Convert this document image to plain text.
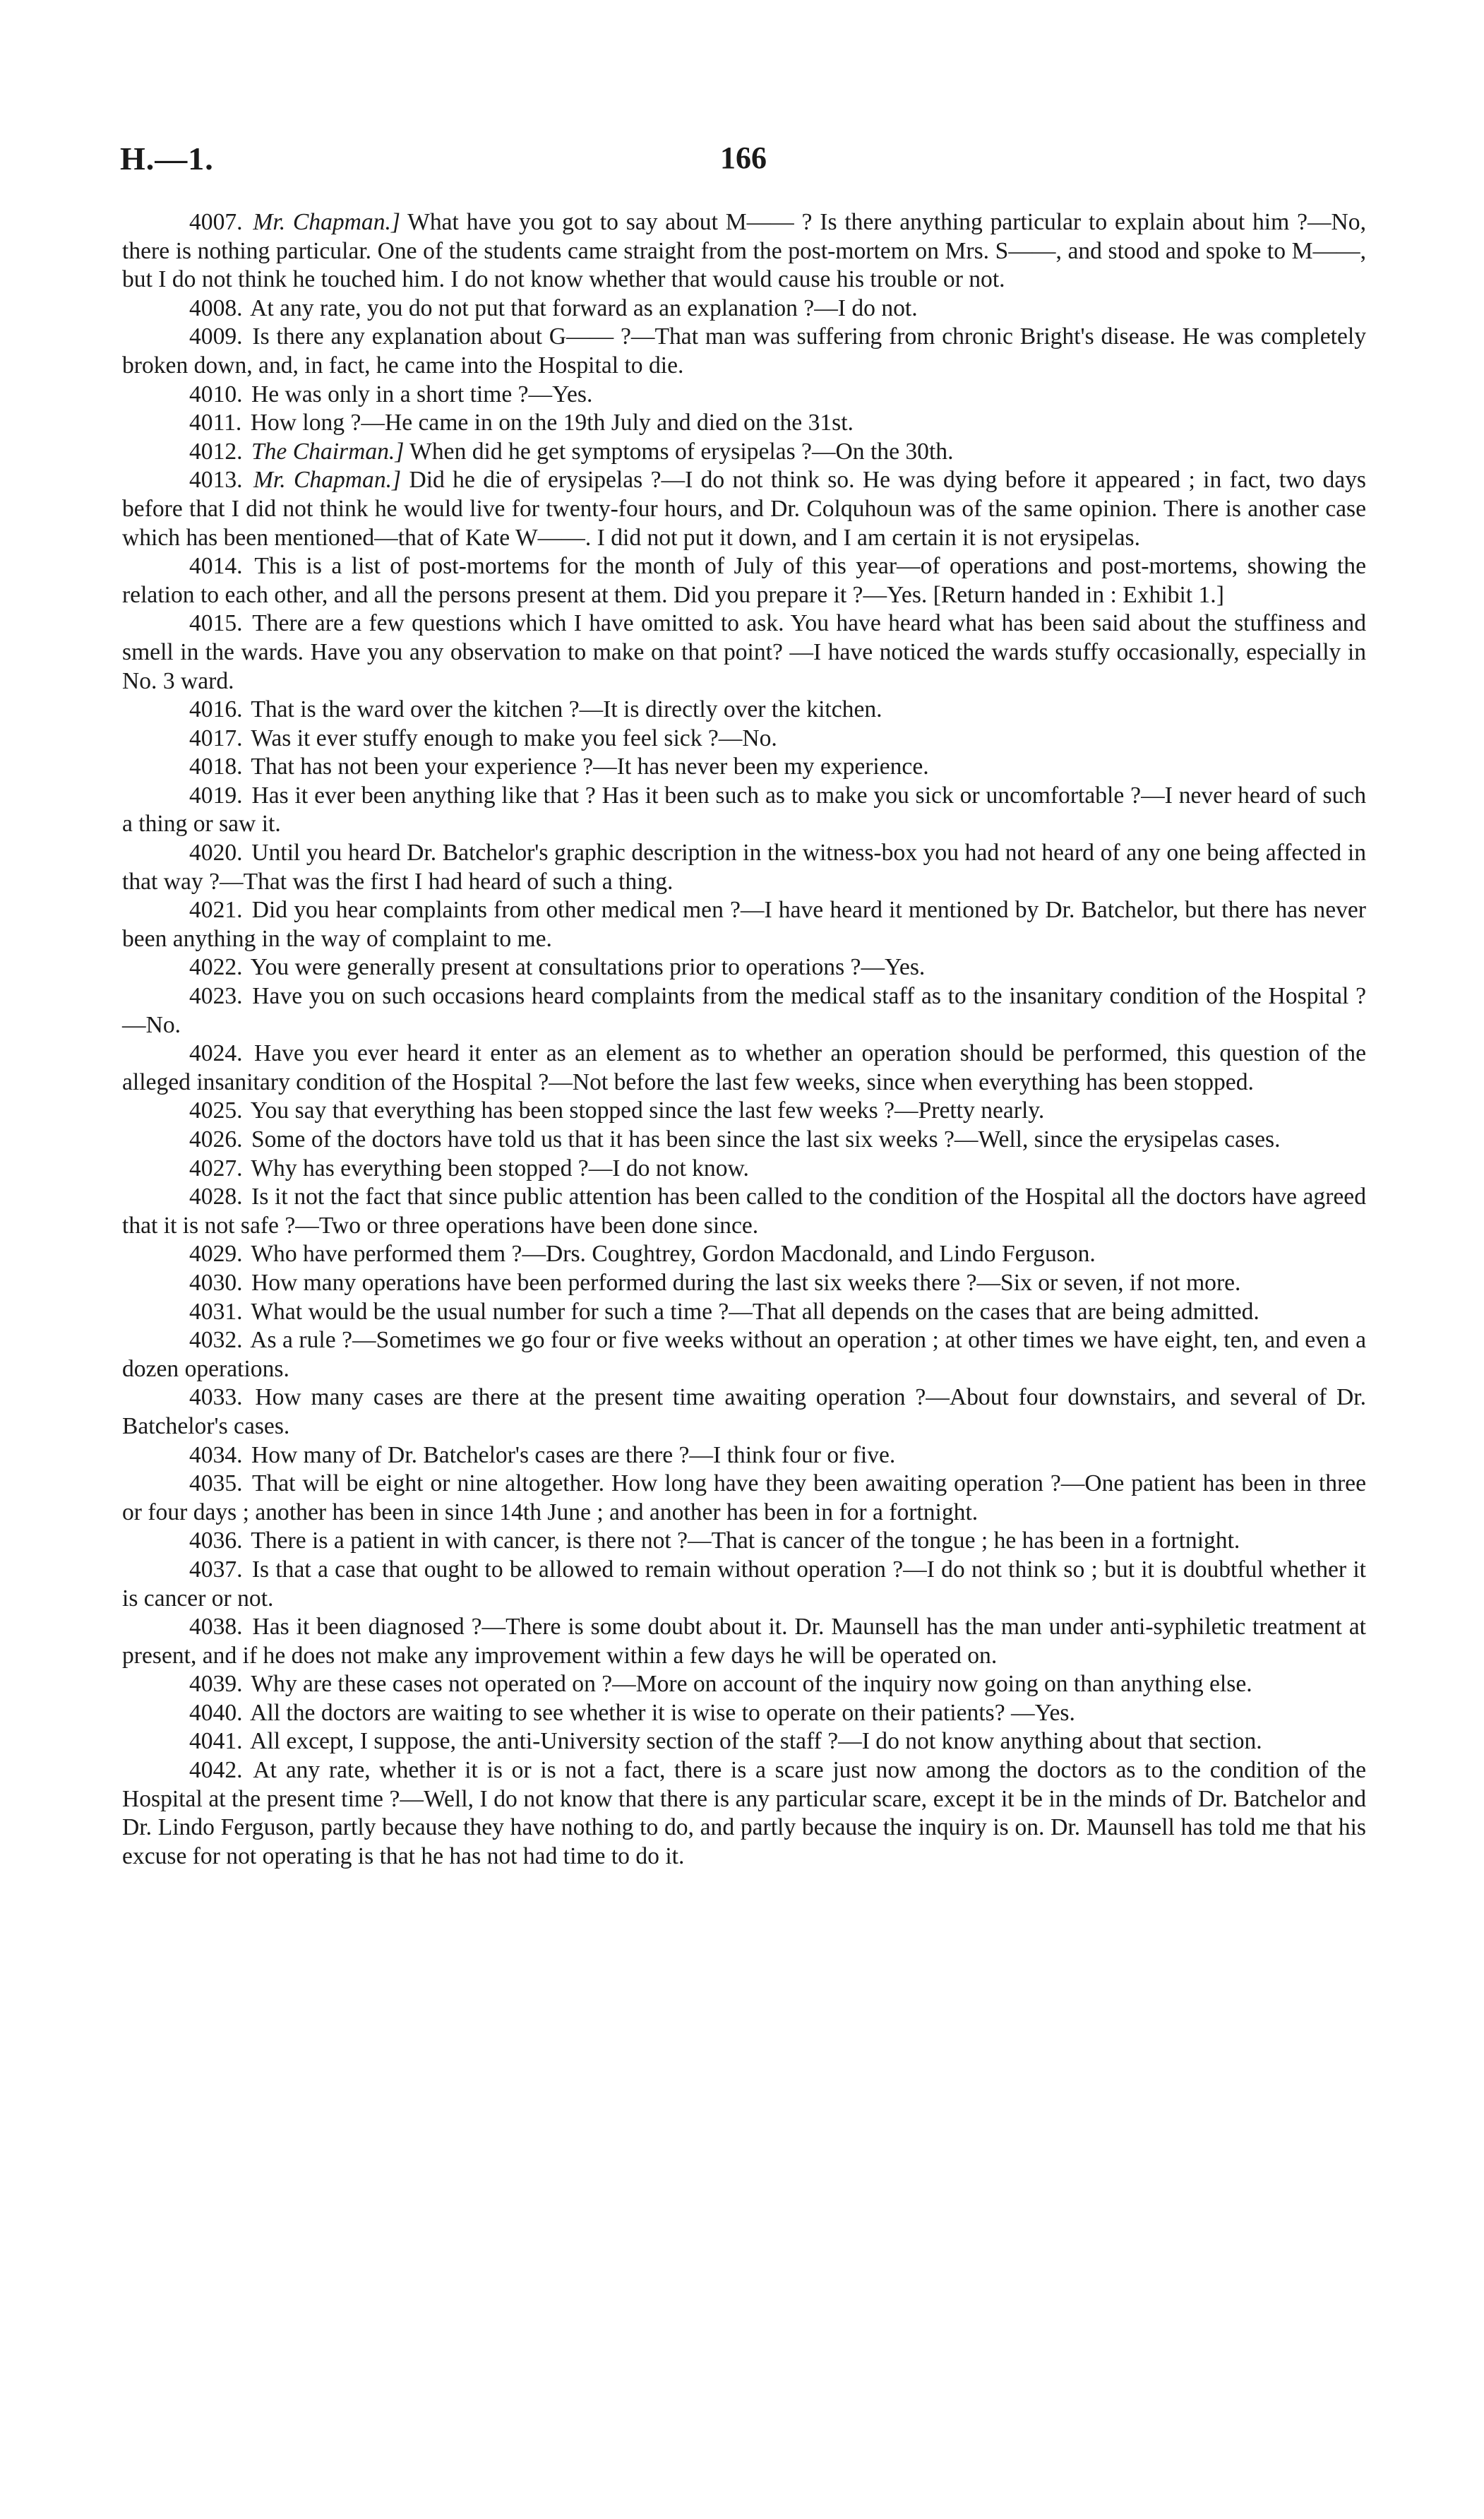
H.—1.	166

4007. Mr. Chapman.] What have you got to say about M—— ? Is there anything particular to explain about him ?—No, there is nothing particular. One of the students came straight from the post-mortem on Mrs. S——, and stood and spoke to M——, but I do not think he touched him. I do not know whether that would cause his trouble or not.

4008. At any rate, you do not put that forward as an explanation ?—I do not.

4009. Is there any explanation about G—— ?—That man was suffering from chronic Bright's disease. He was completely broken down, and, in fact, he came into the Hospital to die.

4010. He was only in a short time ?—Yes.

4011. How long ?—He came in on the 19th July and died on the 31st.

4012. The Chairman.] When did he get symptoms of erysipelas ?—On the 30th.

4013. Mr. Chapman.] Did he die of erysipelas ?—I do not think so. He was dying before it appeared ; in fact, two days before that I did not think he would live for twenty-four hours, and Dr. Colquhoun was of the same opinion. There is another case which has been mentioned—that of Kate W——. I did not put it down, and I am certain it is not erysipelas.

4014. This is a list of post-mortems for the month of July of this year—of operations and post-mortems, showing the relation to each other, and all the persons present at them. Did you prepare it ?—Yes. [Return handed in : Exhibit 1.]

4015. There are a few questions which I have omitted to ask. You have heard what has been said about the stuffiness and smell in the wards. Have you any observation to make on that point? —I have noticed the wards stuffy occasionally, especially in No. 3 ward.

4016. That is the ward over the kitchen ?—It is directly over the kitchen.

4017. Was it ever stuffy enough to make you feel sick ?—No.

4018. That has not been your experience ?—It has never been my experience.

4019. Has it ever been anything like that ? Has it been such as to make you sick or uncomfortable ?—I never heard of such a thing or saw it.

4020. Until you heard Dr. Batchelor's graphic description in the witness-box you had not heard of any one being affected in that way ?—That was the first I had heard of such a thing.

4021. Did you hear complaints from other medical men ?—I have heard it mentioned by Dr. Batchelor, but there has never been anything in the way of complaint to me.

4022. You were generally present at consultations prior to operations ?—Yes.

4023. Have you on such occasions heard complaints from the medical staff as to the insanitary condition of the Hospital ?—No.

4024. Have you ever heard it enter as an element as to whether an operation should be performed, this question of the alleged insanitary condition of the Hospital ?—Not before the last few weeks, since when everything has been stopped.

4025. You say that everything has been stopped since the last few weeks ?—Pretty nearly.

4026. Some of the doctors have told us that it has been since the last six weeks ?—Well, since the erysipelas cases.

4027. Why has everything been stopped ?—I do not know.

4028. Is it not the fact that since public attention has been called to the condition of the Hospital all the doctors have agreed that it is not safe ?—Two or three operations have been done since.

4029. Who have performed them ?—Drs. Coughtrey, Gordon Macdonald, and Lindo Ferguson.

4030. How many operations have been performed during the last six weeks there ?—Six or seven, if not more.

4031. What would be the usual number for such a time ?—That all depends on the cases that are being admitted.

4032. As a rule ?—Sometimes we go four or five weeks without an operation ; at other times we have eight, ten, and even a dozen operations.

4033. How many cases are there at the present time awaiting operation ?—About four downstairs, and several of Dr. Batchelor's cases.

4034. How many of Dr. Batchelor's cases are there ?—I think four or five.

4035. That will be eight or nine altogether. How long have they been awaiting operation ?—One patient has been in three or four days ; another has been in since 14th June ; and another has been in for a fortnight.

4036. There is a patient in with cancer, is there not ?—That is cancer of the tongue ; he has been in a fortnight.

4037. Is that a case that ought to be allowed to remain without operation ?—I do not think so ; but it is doubtful whether it is cancer or not.

4038. Has it been diagnosed ?—There is some doubt about it. Dr. Maunsell has the man under anti-syphiletic treatment at present, and if he does not make any improvement within a few days he will be operated on.

4039. Why are these cases not operated on ?—More on account of the inquiry now going on than anything else.

4040. All the doctors are waiting to see whether it is wise to operate on their patients? —Yes.

4041. All except, I suppose, the anti-University section of the staff ?—I do not know anything about that section.

4042. At any rate, whether it is or is not a fact, there is a scare just now among the doctors as to the condition of the Hospital at the present time ?—Well, I do not know that there is any particular scare, except it be in the minds of Dr. Batchelor and Dr. Lindo Ferguson, partly because they have nothing to do, and partly because the inquiry is on. Dr. Maunsell has told me that his excuse for not operating is that he has not had time to do it.
